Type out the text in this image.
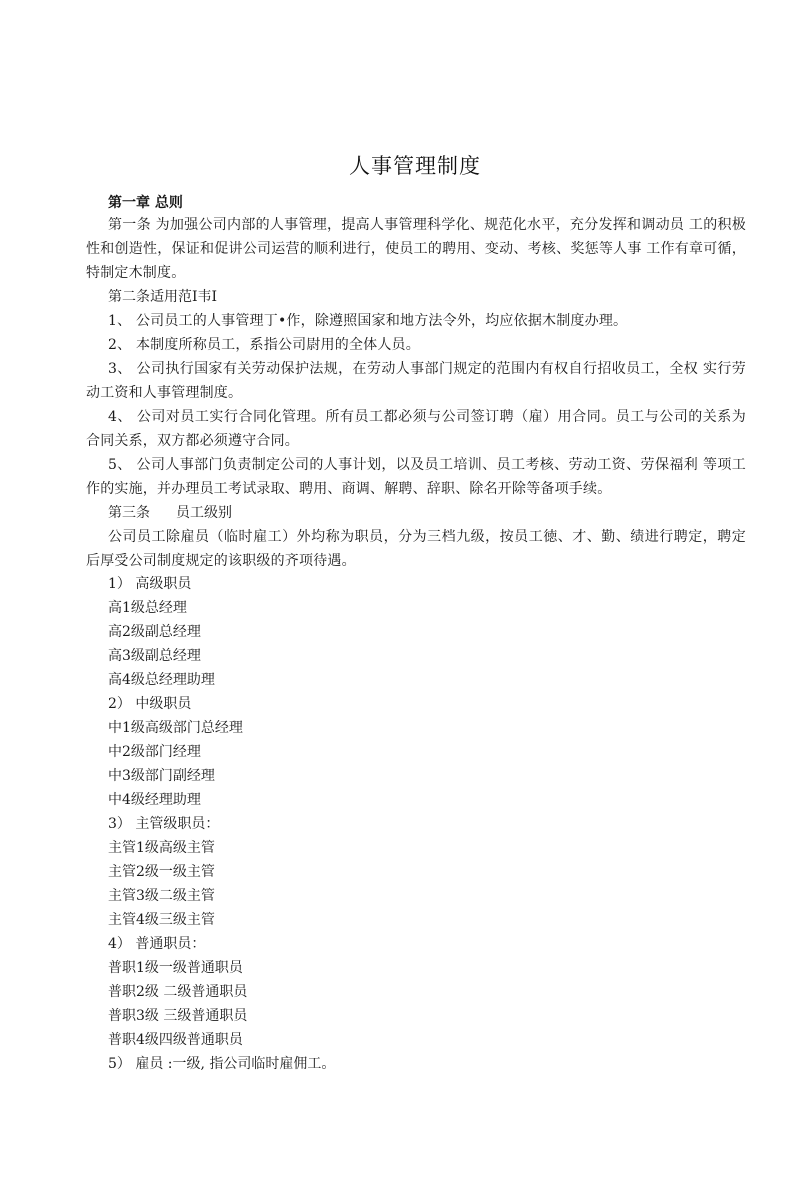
人事管理制度
第一章 总则
第一条 为加强公司内部的人事管理，提高人事管理科学化、规范化水平，充分发挥和调动员 工的积极性和创造性，保证和促讲公司运营的顺利进行，使员工的聘用、变动、考核、奖惩等人事 工作有章可循，特制定木制度。
第二条适用范I韦I
1、 公司员工的人事管理丁•作，除遵照国家和地方法令外，均应依据木制度办理。
2、 本制度所称员工，系指公司尉用的全体人员。
3、 公司执行国家有关劳动保护法规，在劳动人事部门规定的范围内有权自行招收员工，全权 实行劳动工资和人事管理制度。
4、 公司对员工实行合同化管理。所有员工都必须与公司签订聘（雇）用合同。员工与公司的关系为合同关系，双方都必须遵守合同。
5、 公司人事部门负责制定公司的人事计划，以及员工培训、员工考核、劳动工资、劳保福利 等项工作的实施，并办理员工考试录取、聘用、商调、解聘、辞职、除名开除等备项手续。
第三条 员工级别
公司员工除雇员（临时雇工）外均称为职员，分为三档九级，按员工徳、才、勤、绩进行聘定，聘定后厚受公司制度规定的该职级的齐项待遇。
1） 高级职员
高1级总经理
高2级副总经理
高3级副总经理
高4级总经理助理
2） 中级职员
中1级高级部门总经理
中2级部门经理
中3级部门副经理
中4级经理助理
3） 主管级职员：
主管1级高级主管
主管2级一级主管
主管3级二级主管
主管4级三级主管
4） 普通职员：
普职1级一级普通职员
普职2级 二级普通职员
普职3级 三级普通职员
普职4级四级普通职员
5） 雇员 :一级, 指公司临时雇佣工。
